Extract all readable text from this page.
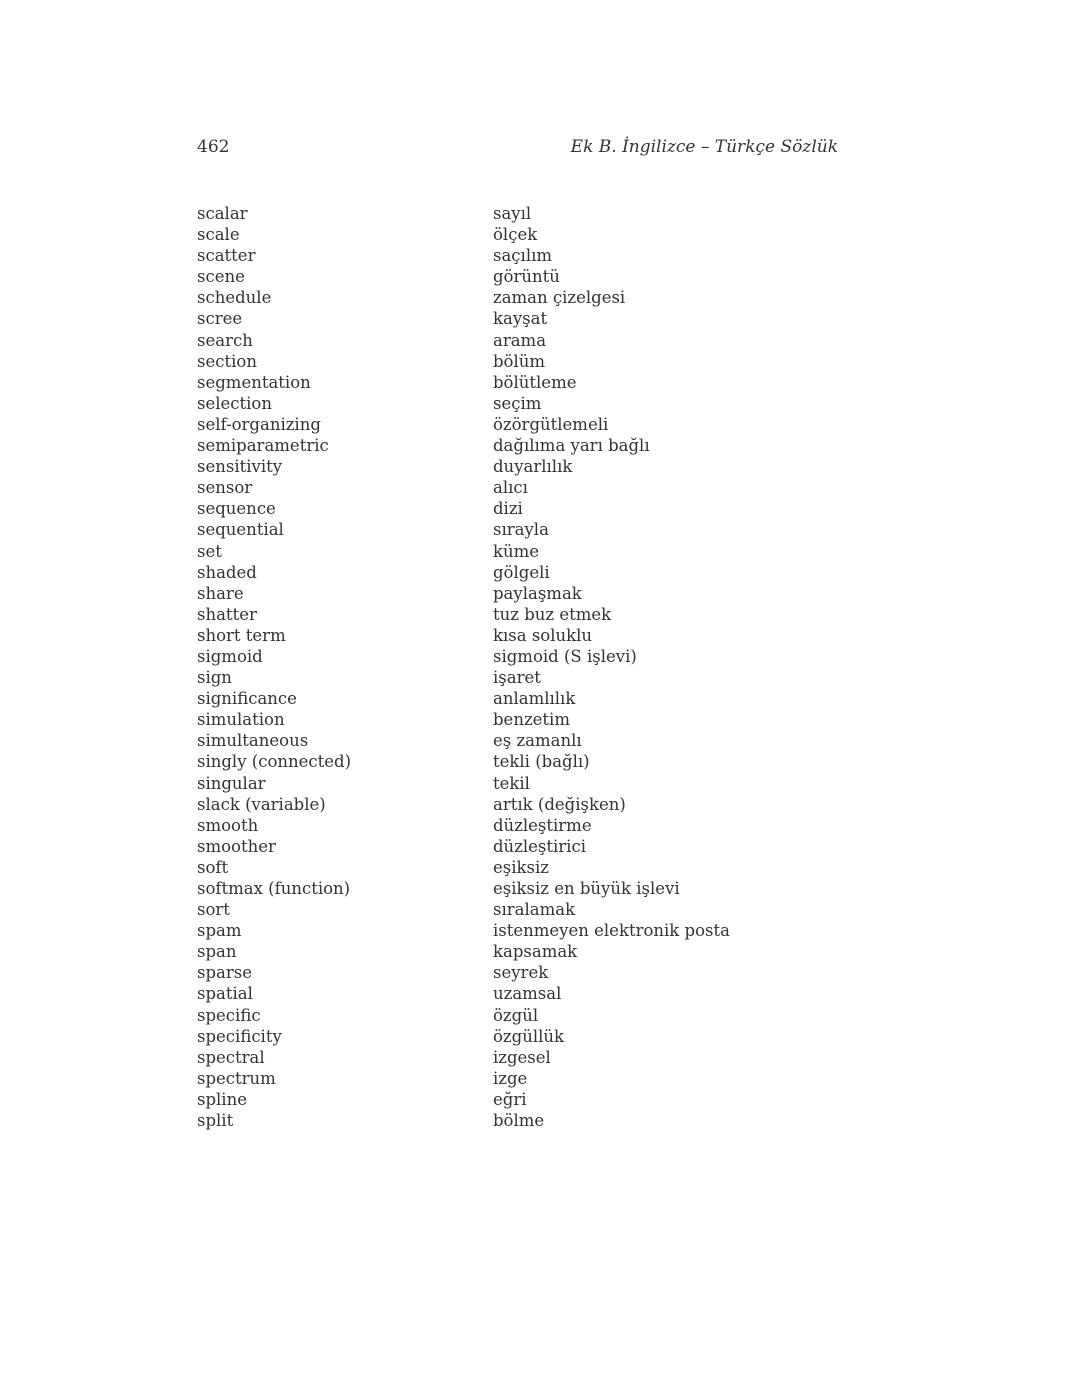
462	Ek B. İngilizce – Türkçe Sözlük
scalar	sayıl
scale	ölçek
scatter	saçılım
scene	görüntü
schedule	zaman çizelgesi
scree	kayşat
search	arama
section	bölüm
segmentation	bölütleme
selection	seçim
self-organizing	özörgütlemeli
semiparametric	dağılıma yarı bağlı
sensitivity	duyarlılık
sensor	alıcı
sequence	dizi
sequential	sırayla
set	küme
shaded	gölgeli
share	paylaşmak
shatter	tuz buz etmek
short term	kısa soluklu
sigmoid	sigmoid (S işlevi)
sign	işaret
significance	anlamlılık
simulation	benzetim
simultaneous	eş zamanlı
singly (connected)	tekli (bağlı)
singular	tekil
slack (variable)	artık (değişken)
smooth	düzleştirme
smoother	düzleştirici
soft	eşiksiz
softmax (function)	eşiksiz en büyük işlevi
sort	sıralamak
spam	istenmeyen elektronik posta
span	kapsamak
sparse	seyrek
spatial	uzamsal
specific	özgül
specificity	özgüllük
spectral	izgesel
spectrum	izge
spline	eğri
split	bölme
